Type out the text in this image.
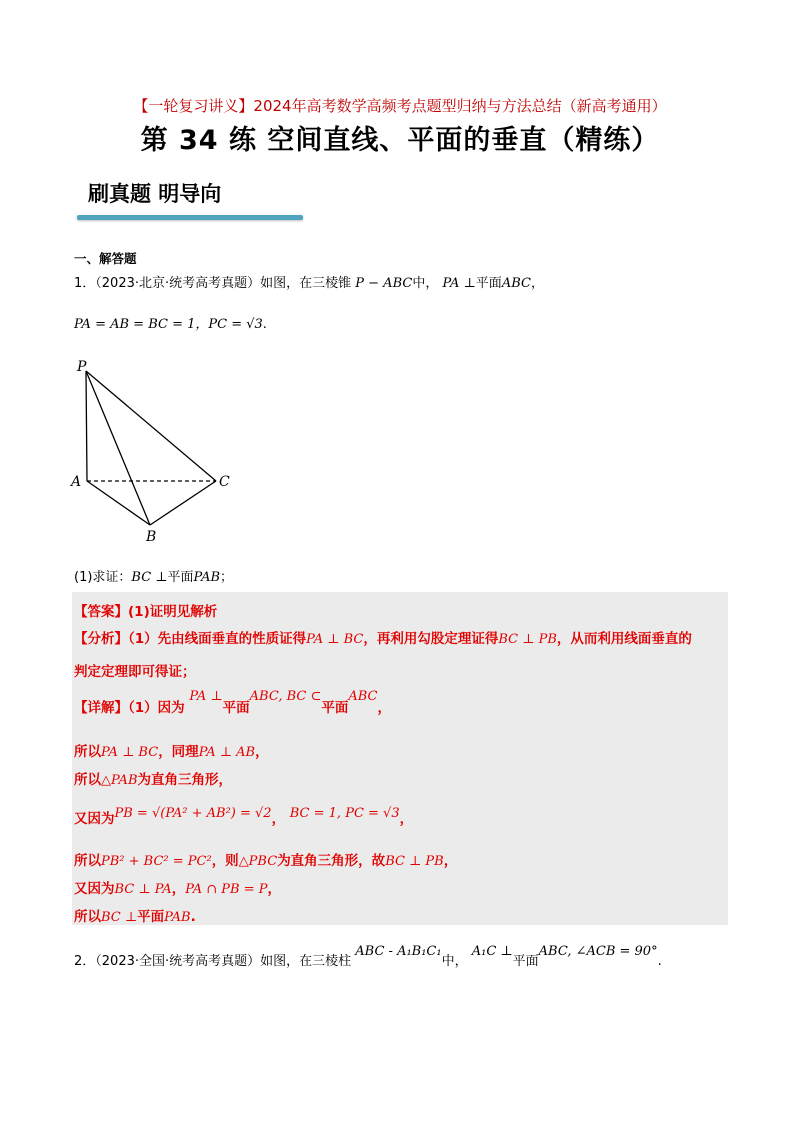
【一轮复习讲义】2024年高考数学高频考点题型归纳与方法总结（新高考通用）
第 34 练 空间直线、平面的垂直（精练）
刷真题 明导向
一、解答题
1．（2023·北京·统考高考真题）如图，在三棱锥 P − ABC中， PA ⊥平面ABC，
PA = AB = BC = 1，PC = √3.
P
A
B
C
(1)求证：BC ⊥平面PAB；
【答案】(1)证明见解析
【分析】（1）先由线面垂直的性质证得PA ⊥ BC，再利用勾股定理证得BC ⊥ PB，从而利用线面垂直的
判定定理即可得证；
【详解】（1）因为 PA ⊥平面ABC, BC ⊂平面ABC，
所以PA ⊥ BC，同理PA ⊥ AB，
所以△PAB为直角三角形，
又因为PB = √(PA² + AB²) = √2， BC = 1, PC = √3，
所以PB² + BC² = PC²，则△PBC为直角三角形，故BC ⊥ PB，
又因为BC ⊥ PA，PA ∩ PB = P，
所以BC ⊥平面PAB.
2．（2023·全国·统考高考真题）如图，在三棱柱 ABC - A₁B₁C₁中， A₁C ⊥平面ABC, ∠ACB = 90°.
